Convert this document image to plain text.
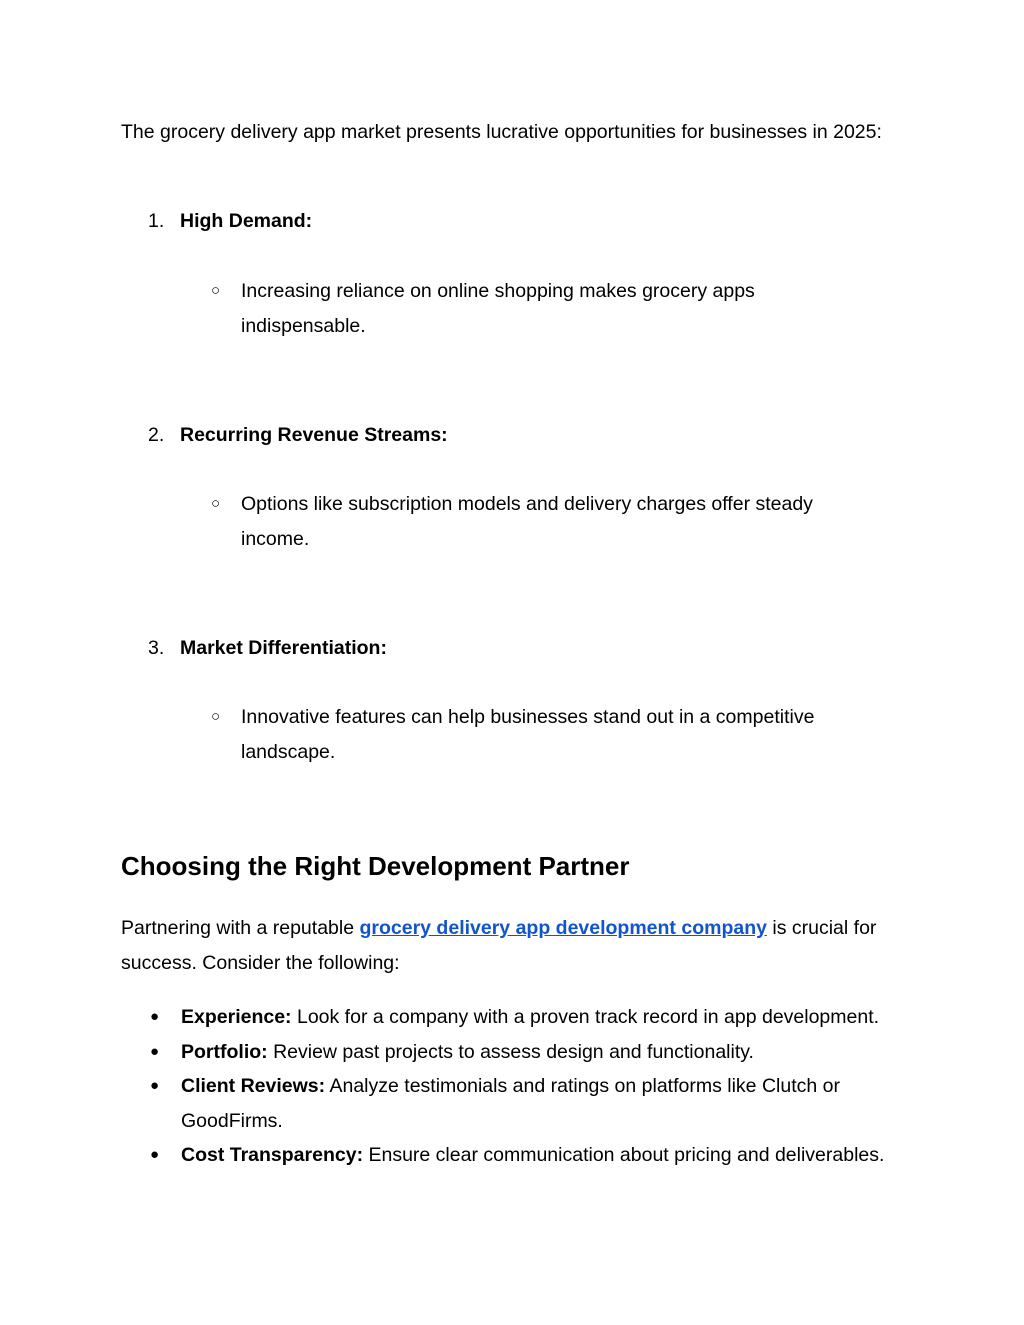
The grocery delivery app market presents lucrative opportunities for businesses in 2025:

1. High Demand:
○ Increasing reliance on online shopping makes grocery apps indispensable.
2. Recurring Revenue Streams:
○ Options like subscription models and delivery charges offer steady income.
3. Market Differentiation:
○ Innovative features can help businesses stand out in a competitive landscape.
Choosing the Right Development Partner

Partnering with a reputable grocery delivery app development company is crucial for success. Consider the following:

● Experience: Look for a company with a proven track record in app development.
● Portfolio: Review past projects to assess design and functionality.
● Client Reviews: Analyze testimonials and ratings on platforms like Clutch or GoodFirms.
● Cost Transparency: Ensure clear communication about pricing and deliverables.
